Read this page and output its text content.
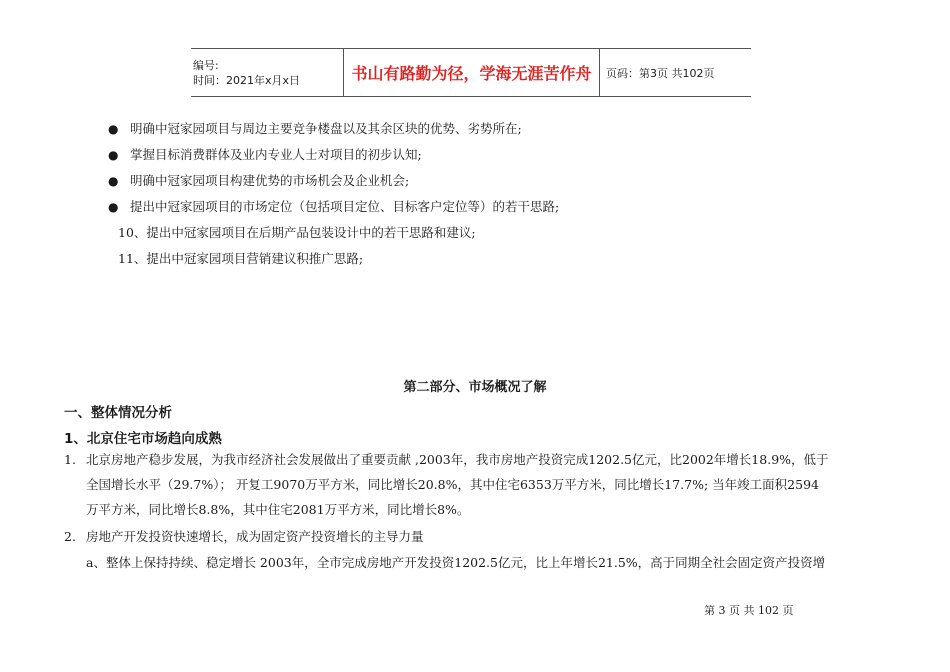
编号:
时间：2021年x月x日	书山有路勤为径，学海无涯苦作舟 页码：第3页 共102页
● 明确中冠家园项目与周边主要竞争楼盘以及其余区块的优势、劣势所在;
● 掌握目标消费群体及业内专业人士对项目的初步认知;
● 明确中冠家园项目构建优势的市场机会及企业机会;
● 提出中冠家园项目的市场定位（包括项目定位、目标客户定位等）的若干思路;
10、提出中冠家园项目在后期产品包装设计中的若干思路和建议;
11、提出中冠家园项目营销建议积推广思路;
第二部分、市场概况了解
一、整体情况分析
1、北京住宅市场趋向成熟
1. 北京房地产稳步发展，为我市经济社会发展做出了重要贡献 ,2003年，我市房地产投资完成1202.5亿元，比2002年增长18.9%，低于
全国增长水平（29.7%）； 开复工9070万平方米，同比增长20.8%，其中住宅6353万平方米，同比增长17.7%; 当年竣工面积2594
万平方米，同比增长8.8%，其中住宅2081万平方米，同比增长8%。
2. 房地产开发投资快速增长，成为固定资产投资增长的主导力量
a、整体上保持持续、稳定增长 2003年，全市完成房地产开发投资1202.5亿元，比上年增长21.5%，高于同期全社会固定资产投资增
第 3 页 共 102 页
